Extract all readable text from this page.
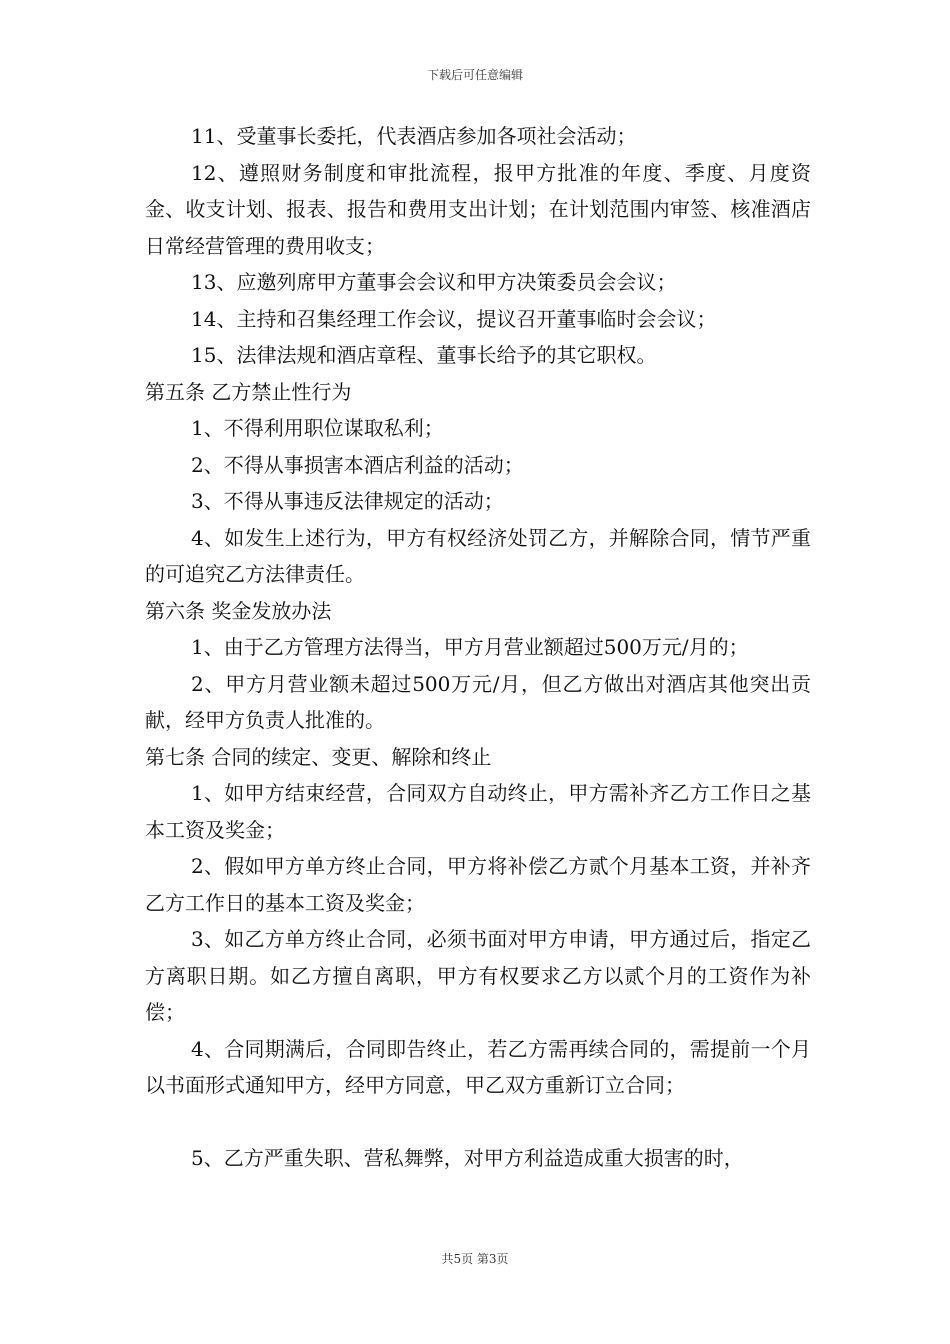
下载后可任意编辑

11、受董事长委托，代表酒店参加各项社会活动；

12、遵照财务制度和审批流程，报甲方批准的年度、季度、月度资金、收支计划、报表、报告和费用支出计划；在计划范围内审签、核准酒店日常经营管理的费用收支；

13、应邀列席甲方董事会会议和甲方决策委员会会议；

14、主持和召集经理工作会议，提议召开董事临时会会议；

15、法律法规和酒店章程、董事长给予的其它职权。

第五条 乙方禁止性行为

1、不得利用职位谋取私利；

2、不得从事损害本酒店利益的活动；

3、不得从事违反法律规定的活动；

4、如发生上述行为，甲方有权经济处罚乙方，并解除合同，情节严重的可追究乙方法律责任。

第六条 奖金发放办法

1、由于乙方管理方法得当，甲方月营业额超过500万元/月的；

2、甲方月营业额未超过500万元/月，但乙方做出对酒店其他突出贡献，经甲方负责人批准的。

第七条 合同的续定、变更、解除和终止

1、如甲方结束经营，合同双方自动终止，甲方需补齐乙方工作日之基本工资及奖金；

2、假如甲方单方终止合同，甲方将补偿乙方贰个月基本工资，并补齐乙方工作日的基本工资及奖金；

3、如乙方单方终止合同，必须书面对甲方申请，甲方通过后，指定乙方离职日期。如乙方擅自离职，甲方有权要求乙方以贰个月的工资作为补偿；

4、合同期满后，合同即告终止，若乙方需再续合同的，需提前一个月以书面形式通知甲方，经甲方同意，甲乙双方重新订立合同；

5、乙方严重失职、营私舞弊，对甲方利益造成重大损害的时，

共5页 第3页
